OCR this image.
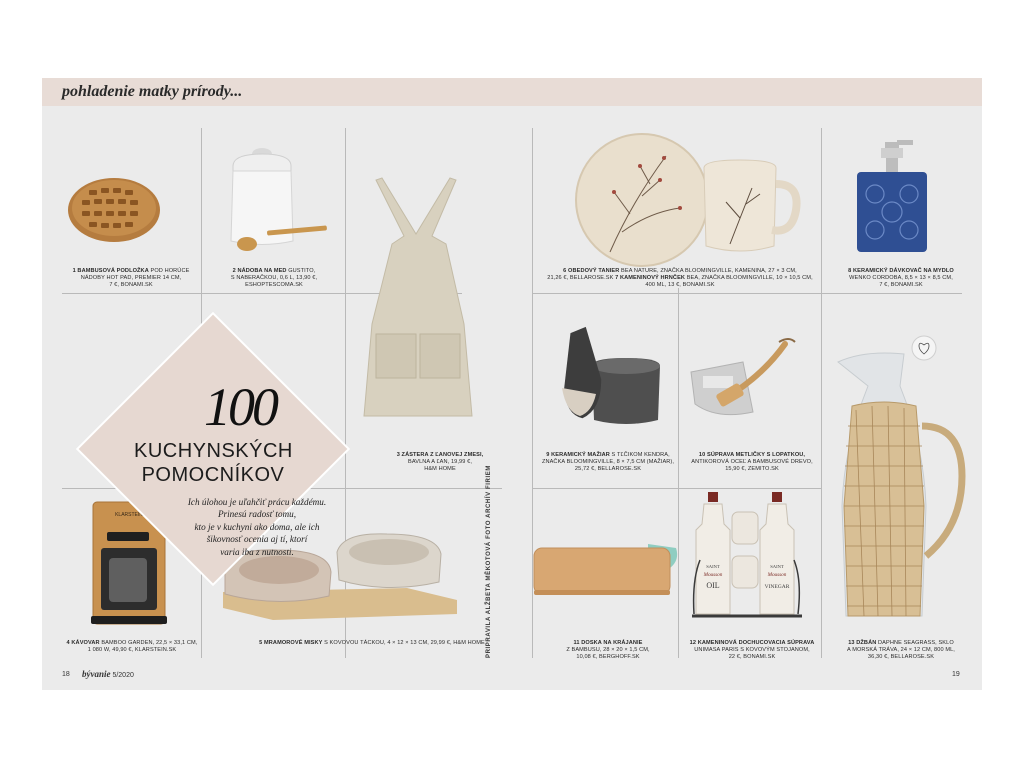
pohladenie matky prírody...
1 BAMBUSOVÁ PODLOŽKA POD HORÚCE
NÁDOBY HOT PAD, PREMIER 14 CM,
7 €, BONAMI.SK
2 NÁDOBA NA MED GUSTITO,
S NABERAČKOU, 0,6 L, 13,90 €,
ESHOPTESCOMA.SK
3 ZÁSTERA Z ĽANOVEJ ZMESI,
BAVLNA A ĽAN, 19,99 €,
H&M HOME
KLARSTEIN
4 KÁVOVAR BAMBOO GARDEN, 22,5 × 33,1 CM,
1 080 W, 49,90 €, KLARSTEIN.SK
5 MRAMOROVÉ MISKY S KOVOVOU TÁCKOU, 4 × 12 × 13 CM, 29,99 €, H&M HOME PRIPRAVILA ALŽBETA MĚKOTOVÁ FOTO ARCHÍV FIRIEM
100
KUCHYNSKÝCH
POMOCNÍKOV
Ich úlohou je uľahčiť prácu každému.
Prinesú radosť tomu,
kto je v kuchyni ako doma, ale ich
šikovnosť ocenia aj tí, ktorí
varia iba z nutnosti.
6 OBEDOVÝ TANIER BEA NATURE, ZNAČKA BLOOMINGVILLE, KAMENINA, 27 × 3 CM,
21,26 €, BELLAROSE.SK 7 KAMENINOVÝ HRNČEK BEA, ZNAČKA BLOOMINGVILLE, 10 × 10,5 CM,
400 ML, 13 €, BONAMI.SK
8 KERAMICKÝ DÁVKOVAČ NA MYDLO
WENKO CORDOBA, 8,5 × 13 × 8,5 CM,
7 €, BONAMI.SK
9 KERAMICKÝ MAŽIAR S TĽČIKOM KENDRA,
ZNAČKA BLOOMINGVILLE, 8 × 7,5 CM (MAŽIAR),
25,72 €, BELLAROSE.SK
10 SÚPRAVA METLIČKY S LOPATKOU,
ANTIKOROVÁ OCEĽ A BAMBUSOVÉ DREVO,
15,90 €, ZEMITO.SK
11 DOSKA NA KRÁJANIE
Z BAMBUSU, 28 × 20 × 1,5 CM,
10,08 €, BERGHOFF.SK
SAINT
Mousson
OIL
SAINT
Mousson
VINEGAR
12 KAMENINOVÁ DOCHUCOVACIA SÚPRAVA
UNIMASA PARIS S KOVOVÝM STOJANOM,
22 €, BONAMI.SK
13 DŽBÁN DAPHNE SEAGRASS, SKLO
A MORSKÁ TRÁVA, 24 × 12 CM, 800 ML,
36,30 €, BELLAROSE.SK
18 bývanie 5/2020	19
